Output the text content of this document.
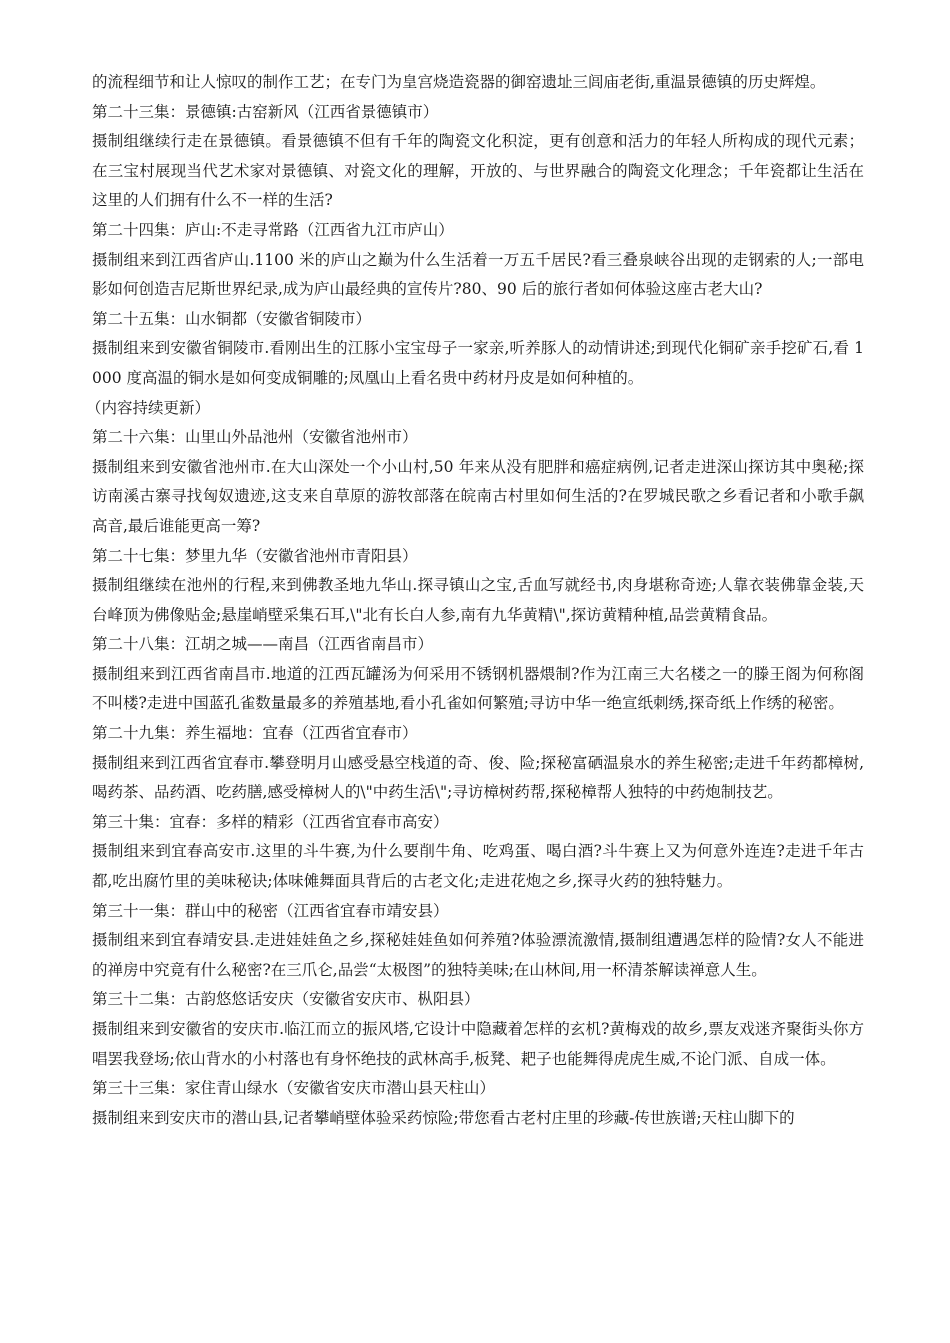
的流程细节和让人惊叹的制作工艺；在专门为皇宫烧造瓷器的御窑遗址三闾庙老街,重温景德镇的历史辉煌。

第二十三集：景德镇:古窑新风（江西省景德镇市）

摄制组继续行走在景德镇。看景德镇不但有千年的陶瓷文化积淀，更有创意和活力的年轻人所构成的现代元素；在三宝村展现当代艺术家对景德镇、对瓷文化的理解，开放的、与世界融合的陶瓷文化理念；千年瓷都让生活在这里的人们拥有什么不一样的生活?

第二十四集：庐山:不走寻常路（江西省九江市庐山）

摄制组来到江西省庐山.1100 米的庐山之巅为什么生活着一万五千居民?看三叠泉峡谷出现的走钢索的人;一部电影如何创造吉尼斯世界纪录,成为庐山最经典的宣传片?80、90 后的旅行者如何体验这座古老大山?

第二十五集：山水铜都（安徽省铜陵市）

摄制组来到安徽省铜陵市.看刚出生的江豚小宝宝母子一家亲,听养豚人的动情讲述;到现代化铜矿亲手挖矿石,看 1000 度高温的铜水是如何变成铜雕的;凤凰山上看名贵中药材丹皮是如何种植的。

（内容持续更新）

第二十六集：山里山外品池州（安徽省池州市）

摄制组来到安徽省池州市.在大山深处一个小山村,50 年来从没有肥胖和癌症病例,记者走进深山探访其中奥秘;探访南溪古寨寻找匈奴遗迹,这支来自草原的游牧部落在皖南古村里如何生活的?在罗城民歌之乡看记者和小歌手飙高音,最后谁能更高一筹?

第二十七集：梦里九华（安徽省池州市青阳县）

摄制组继续在池州的行程,来到佛教圣地九华山.探寻镇山之宝,舌血写就经书,肉身堪称奇迹;人靠衣装佛靠金装,天台峰顶为佛像贴金;悬崖峭壁采集石耳,\"北有长白人参,南有九华黄精\",探访黄精种植,品尝黄精食品。

第二十八集：江胡之城——南昌（江西省南昌市）

摄制组来到江西省南昌市.地道的江西瓦罐汤为何采用不锈钢机器煨制?作为江南三大名楼之一的滕王阁为何称阁不叫楼?走进中国蓝孔雀数量最多的养殖基地,看小孔雀如何繁殖;寻访中华一绝宣纸刺绣,探奇纸上作绣的秘密。

第二十九集：养生福地：宜春（江西省宜春市）

摄制组来到江西省宜春市.攀登明月山感受悬空栈道的奇、俊、险;探秘富硒温泉水的养生秘密;走进千年药都樟树,喝药茶、品药酒、吃药膳,感受樟树人的\"中药生活\";寻访樟树药帮,探秘樟帮人独特的中药炮制技艺。

第三十集：宜春：多样的精彩（江西省宜春市高安）

摄制组来到宜春高安市.这里的斗牛赛,为什么要削牛角、吃鸡蛋、喝白酒?斗牛赛上又为何意外连连?走进千年古都,吃出腐竹里的美味秘诀;体味傩舞面具背后的古老文化;走进花炮之乡,探寻火药的独特魅力。

第三十一集：群山中的秘密（江西省宜春市靖安县）

摄制组来到宜春靖安县.走进娃娃鱼之乡,探秘娃娃鱼如何养殖?体验漂流激情,摄制组遭遇怎样的险情?女人不能进的禅房中究竟有什么秘密?在三爪仑,品尝“太极图”的独特美味;在山林间,用一杯清茶解读禅意人生。

第三十二集：古韵悠悠话安庆（安徽省安庆市、枞阳县）

摄制组来到安徽省的安庆市.临江而立的振风塔,它设计中隐藏着怎样的玄机?黄梅戏的故乡,票友戏迷齐聚街头你方唱罢我登场;依山背水的小村落也有身怀绝技的武林高手,板凳、耙子也能舞得虎虎生威,不论门派、自成一体。

第三十三集：家住青山绿水（安徽省安庆市潜山县天柱山）

摄制组来到安庆市的潜山县,记者攀峭壁体验采药惊险;带您看古老村庄里的珍藏-传世族谱;天柱山脚下的
